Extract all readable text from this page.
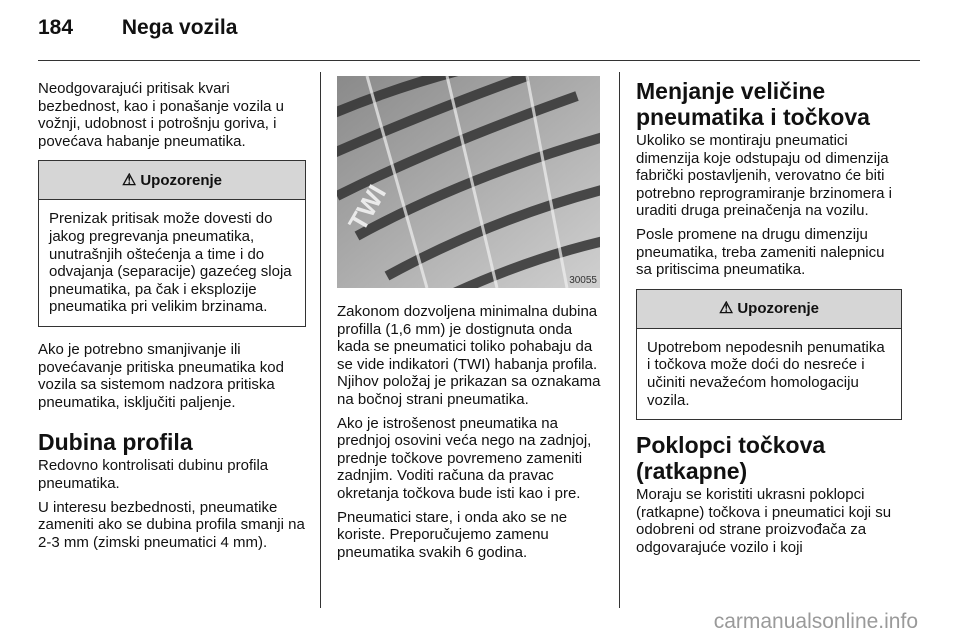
184 Nega vozila

Neodgovarajući pritisak kvari bezbednost, kao i ponašanje vozila u vožnji, udobnost i potrošnju goriva, i povećava habanje pneumatika.

⚠ Upozorenje
Prenizak pritisak može dovesti do jakog pregrevanja pneumatika, unutrašnjih oštećenja a time i do odvajanja (separacije) gazećeg sloja pneumatika, pa čak i eksplozije pneumatika pri velikim brzinama.

Ako je potrebno smanjivanje ili povećavanje pritiska pneumatika kod vozila sa sistemom nadzora pritiska pneumatika, isključiti paljenje.

Dubina profila

Redovno kontrolisati dubinu profila pneumatika.

U interesu bezbednosti, pneumatike zameniti ako se dubina profila smanji na 2-3 mm (zimski pneumatici 4 mm).

TWI
30055

Zakonom dozvoljena minimalna dubina profilla (1,6 mm) je dostignuta onda kada se pneumatici toliko pohabaju da se vide indikatori (TWI) habanja profila. Njihov položaj je prikazan sa oznakama na bočnoj strani pneumatika.

Ako je istrošenost pneumatika na prednjoj osovini veća nego na zadnjoj, prednje točkove povremeno zameniti zadnjim. Voditi računa da pravac okretanja točkova bude isti kao i pre.

Pneumatici stare, i onda ako se ne koriste. Preporučujemo zamenu pneumatika svakih 6 godina.

Menjanje veličine pneumatika i točkova

Ukoliko se montiraju pneumatici dimenzija koje odstupaju od dimenzija fabrički postavljenih, verovatno će biti potrebno reprogramiranje brzinomera i uraditi druga preinačenja na vozilu.

Posle promene na drugu dimenziju pneumatika, treba zameniti nalepnicu sa pritiscima pneumatika.

⚠ Upozorenje
Upotrebom nepodesnih penumatika i točkova može doći do nesreće i učiniti nevažećom homologaciju vozila.
Poklopci točkova (ratkapne)

Moraju se koristiti ukrasni poklopci (ratkapne) točkova i pneumatici koji su odobreni od strane proizvođača za odgovarajuće vozilo i koji

carmanualsonline.info
